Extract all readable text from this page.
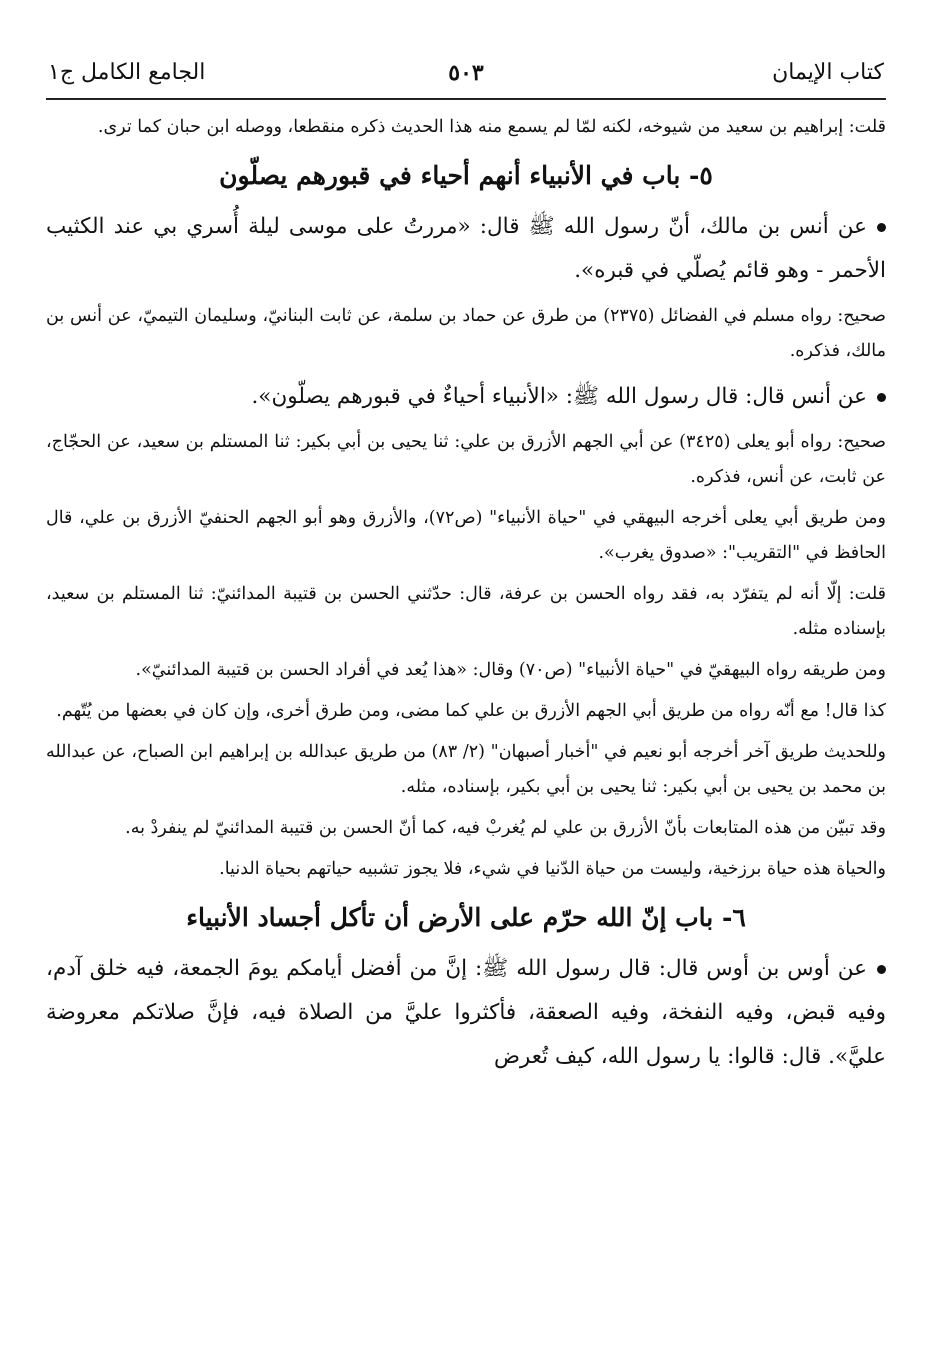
كتاب الإيمان
٥٠٣
الجامع الكامل ج١

قلت: إبراهيم بن سعيد من شيوخه، لكنه لمّا لم يسمع منه هذا الحديث ذكره منقطعا، ووصله ابن حبان كما ترى.

٥- باب في الأنبياء أنهم أحياء في قبورهم يصلّون

عن أنس بن مالك، أنّ رسول الله ﷺ قال: «مررتُ على موسى ليلة أُسري بي عند الكثيب الأحمر - وهو قائم يُصلّي في قبره».

صحيح: رواه مسلم في الفضائل (٢٣٧٥) من طرق عن حماد بن سلمة، عن ثابت البنانيّ، وسليمان التيميّ، عن أنس بن مالك، فذكره.

عن أنس قال: قال رسول الله ﷺ: «الأنبياء أحياءٌ في قبورهم يصلّون».

صحيح: رواه أبو يعلى (٣٤٢٥) عن أبي الجهم الأزرق بن علي: ثنا يحيى بن أبي بكير: ثنا المستلم بن سعيد، عن الحجّاج، عن ثابت، عن أنس، فذكره.

ومن طريق أبي يعلى أخرجه البيهقي في "حياة الأنبياء" (ص٧٢)، والأزرق وهو أبو الجهم الحنفيّ الأزرق بن علي، قال الحافظ في "التقريب": «صدوق يغرب».

قلت: إلّا أنه لم يتفرّد به، فقد رواه الحسن بن عرفة، قال: حدّثني الحسن بن قتيبة المدائنيّ: ثنا المستلم بن سعيد، بإسناده مثله.

ومن طريقه رواه البيهقيّ في "حياة الأنبياء" (ص٧٠) وقال: «هذا يُعد في أفراد الحسن بن قتيبة المدائنيّ».

كذا قال! مع أنّه رواه من طريق أبي الجهم الأزرق بن علي كما مضى، ومن طرق أخرى، وإن كان في بعضها من يُتّهم.

وللحديث طريق آخر أخرجه أبو نعيم في "أخبار أصبهان" (٢/ ٨٣) من طريق عبدالله بن إبراهيم ابن الصباح، عن عبدالله بن محمد بن يحيى بن أبي بكير: ثنا يحيى بن أبي بكير، بإسناده، مثله.

وقد تبيّن من هذه المتابعات بأنّ الأزرق بن علي لم يُغربْ فيه، كما أنّ الحسن بن قتيبة المدائنيّ لم ينفردْ به.

والحياة هذه حياة برزخية، وليست من حياة الدّنيا في شيء، فلا يجوز تشبيه حياتهم بحياة الدنيا.

٦- باب إنّ الله حرّم على الأرض أن تأكل أجساد الأنبياء

عن أوس بن أوس قال: قال رسول الله ﷺ: إنَّ من أفضل أيامكم يومَ الجمعة، فيه خلق آدم، وفيه قبض، وفيه النفخة، وفيه الصعقة، فأكثروا عليَّ من الصلاة فيه، فإنَّ صلاتكم معروضة عليَّ». قال: قالوا: يا رسول الله، كيف تُعرض
